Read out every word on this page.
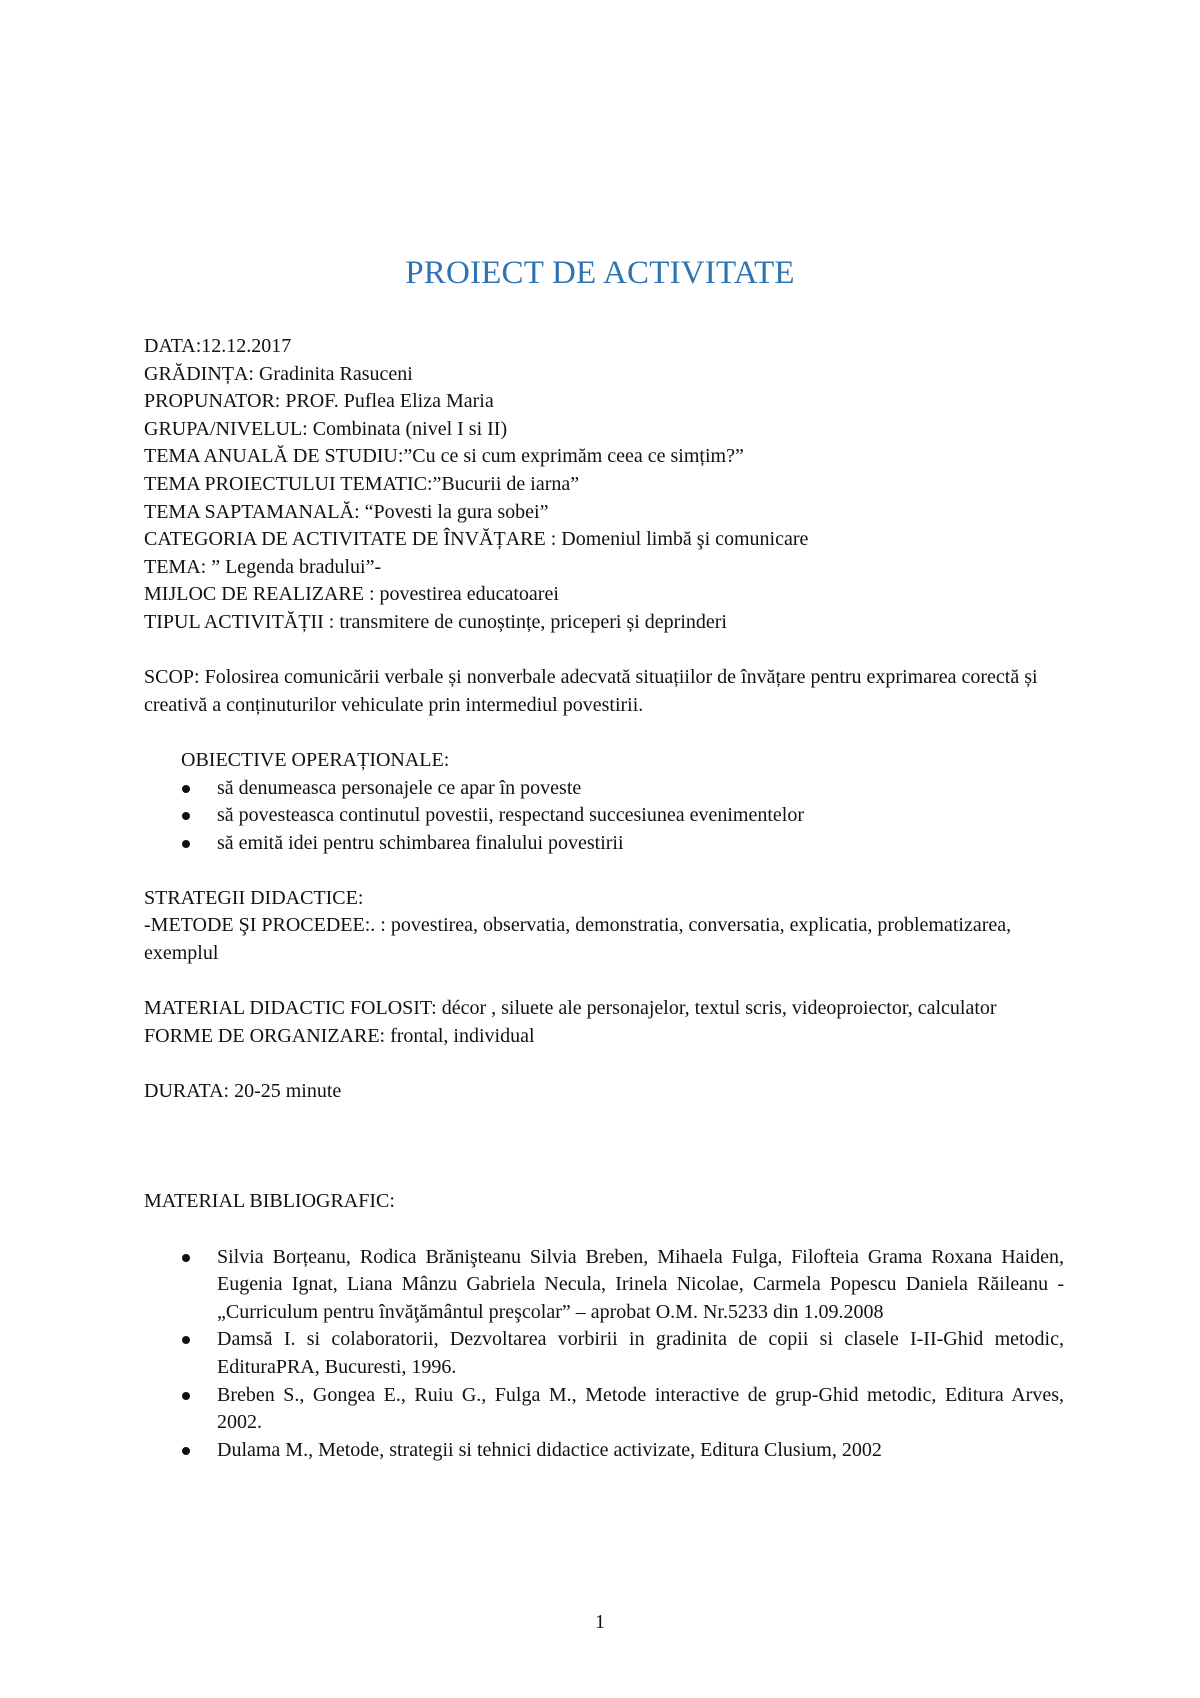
PROIECT DE ACTIVITATE
DATA:12.12.2017
GRĂDINȚA: Gradinita Rasuceni
PROPUNATOR: PROF. Puflea Eliza Maria
GRUPA/NIVELUL: Combinata (nivel I si II)
TEMA ANUALĂ DE STUDIU:”Cu ce si cum exprimăm ceea ce simțim?”
TEMA PROIECTULUI TEMATIC:”Bucurii de iarna”
TEMA SAPTAMANALĂ: “Povesti la gura sobei”
CATEGORIA DE ACTIVITATE DE ÎNVĂȚARE : Domeniul limbă şi comunicare
TEMA: ” Legenda bradului”-
MIJLOC DE REALIZARE : povestirea educatoarei
TIPUL ACTIVITĂȚII : transmitere de cunoștințe, priceperi și deprinderi
SCOP: Folosirea comunicării verbale și nonverbale adecvată situațiilor de învățare pentru exprimarea corectă și creativă a conținuturilor vehiculate prin intermediul povestirii.
OBIECTIVE OPERAȚIONALE:
să denumeasca personajele ce apar în poveste
să povesteasca continutul povestii, respectand succesiunea evenimentelor
să emită idei pentru schimbarea finalului povestirii
STRATEGII DIDACTICE:
-METODE ŞI PROCEDEE:. : povestirea, observatia, demonstratia, conversatia, explicatia, problematizarea, exemplul
MATERIAL DIDACTIC FOLOSIT: décor , siluete ale personajelor, textul scris, videoproiector, calculator
FORME DE ORGANIZARE: frontal, individual
DURATA: 20-25 minute
MATERIAL BIBLIOGRAFIC:
Silvia Borțeanu, Rodica Brănişteanu Silvia Breben, Mihaela Fulga, Filofteia Grama Roxana Haiden, Eugenia Ignat, Liana Mânzu Gabriela Necula, Irinela Nicolae, Carmela Popescu Daniela Răileanu -„Curriculum pentru învăţământul preşcolar” – aprobat O.M. Nr.5233 din 1.09.2008
Damsă I. si colaboratorii, Dezvoltarea vorbirii in gradinita de copii si clasele I-II-Ghid metodic, EdituraPRA, Bucuresti, 1996.
Breben S., Gongea E., Ruiu G., Fulga M., Metode interactive de grup-Ghid metodic, Editura Arves, 2002.
Dulama M., Metode, strategii si tehnici didactice activizate, Editura Clusium, 2002
1
